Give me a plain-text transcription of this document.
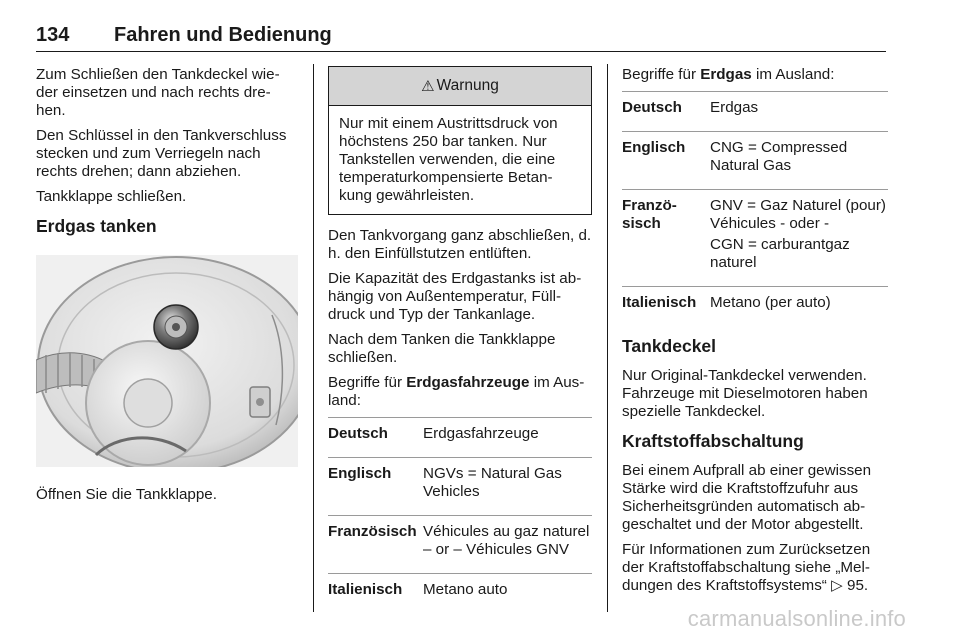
134 Fahren und Bedienung

Zum Schließen den Tankdeckel wie-der einsetzen und nach rechts dre-hen.

Den Schlüssel in den Tankverschluss stecken und zum Verriegeln nach rechts drehen; dann abziehen.

Tankklappe schließen.

Erdgas tanken

Öffnen Sie die Tankklappe.

⚠ Warnung
Nur mit einem Austrittsdruck von höchstens 250 bar tanken. Nur Tankstellen verwenden, die eine temperaturkompensierte Betan-kung gewährleisten.

Den Tankvorgang ganz abschließen, d. h. den Einfüllstutzen entlüften.

Die Kapazität des Erdgastanks ist ab-hängig von Außentemperatur, Füll-druck und Typ der Tankanlage.

Nach dem Tanken die Tankklappe schließen.

Begriffe für Erdgasfahrzeuge im Aus-land:

Deutsch	Erdgasfahrzeuge
Englisch	NGVs = Natural Gas Vehicles
Französisch	Véhicules au gaz naturel – or – Véhicules GNV
Italienisch	Metano auto

Begriffe für Erdgas im Ausland:

Deutsch	Erdgas
Englisch	CNG = Compressed Natural Gas
Franzö-sisch	GNV = Gaz Naturel (pour) Véhicules - oder -
CGN = carburantgaz naturel

Italienisch	Metano (per auto)
Tankdeckel

Nur Original-Tankdeckel verwenden. Fahrzeuge mit Dieselmotoren haben spezielle Tankdeckel.

Kraftstoffabschaltung

Bei einem Aufprall ab einer gewissen Stärke wird die Kraftstoffzufuhr aus Sicherheitsgründen automatisch ab-geschaltet und der Motor abgestellt.

Für Informationen zum Zurücksetzen der Kraftstoffabschaltung siehe „Mel-dungen des Kraftstoffsystems“ ▷ 95.

carmanualsonline.info
